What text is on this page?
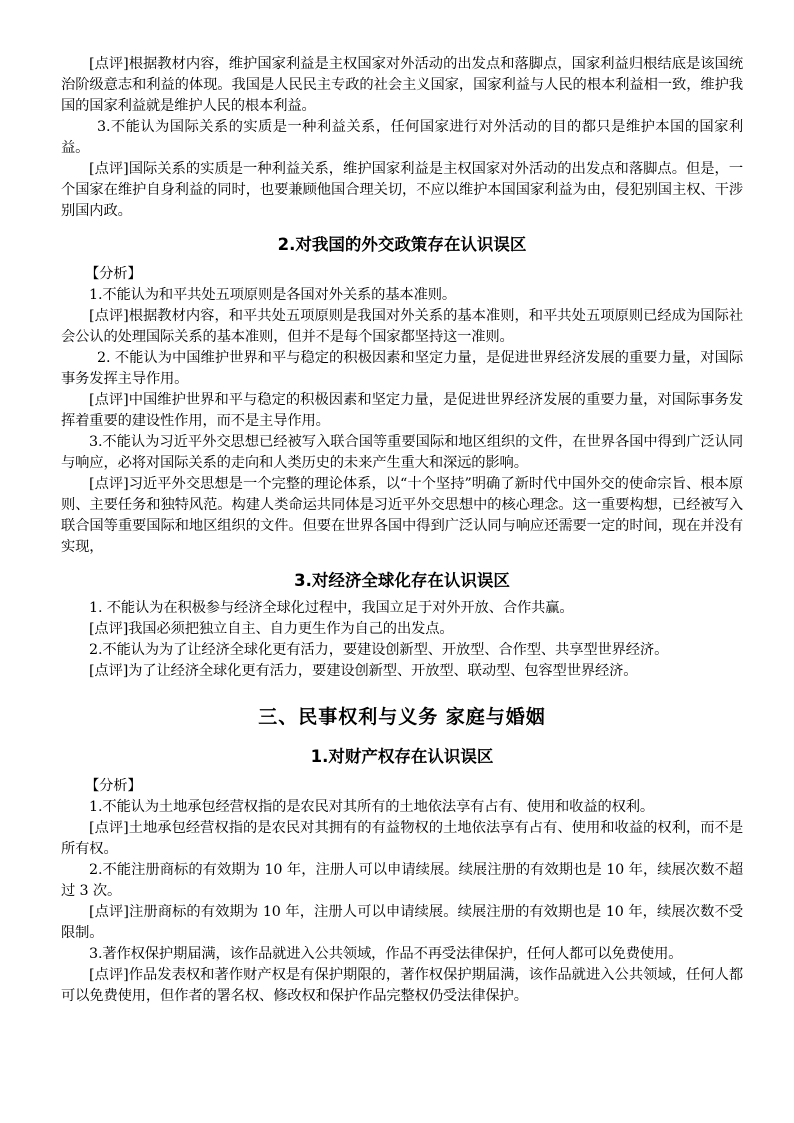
[点评]根据教材内容，维护国家利益是主权国家对外活动的出发点和落脚点，国家利益归根结底是该国统治阶级意志和利益的体现。我国是人民民主专政的社会主义国家，国家利益与人民的根本利益相一致，维护我国的国家利益就是维护人民的根本利益。

3.不能认为国际关系的实质是一种利益关系，任何国家进行对外活动的目的都只是维护本国的国家利益。

[点评]国际关系的实质是一种利益关系，维护国家利益是主权国家对外活动的出发点和落脚点。但是，一个国家在维护自身利益的同时，也要兼顾他国合理关切，不应以维护本国国家利益为由，侵犯别国主权、干涉别国内政。

2.对我国的外交政策存在认识误区

【分析】

1.不能认为和平共处五项原则是各国对外关系的基本准则。

[点评]根据教材内容，和平共处五项原则是我国对外关系的基本准则，和平共处五项原则已经成为国际社会公认的处理国际关系的基本准则，但并不是每个国家都坚持这一准则。

2. 不能认为中国维护世界和平与稳定的积极因素和坚定力量，是促进世界经济发展的重要力量，对国际事务发挥主导作用。

[点评]中国维护世界和平与稳定的积极因素和坚定力量，是促进世界经济发展的重要力量，对国际事务发挥着重要的建设性作用，而不是主导作用。

3.不能认为习近平外交思想已经被写入联合国等重要国际和地区组织的文件，在世界各国中得到广泛认同与响应，必将对国际关系的走向和人类历史的未来产生重大和深远的影响。

[点评]习近平外交思想是一个完整的理论体系，以“十个坚持”明确了新时代中国外交的使命宗旨、根本原则、主要任务和独特风范。构建人类命运共同体是习近平外交思想中的核心理念。这一重要构想，已经被写入联合国等重要国际和地区组织的文件。但要在世界各国中得到广泛认同与响应还需要一定的时间，现在并没有实现，

3.对经济全球化存在认识误区

1. 不能认为在积极参与经济全球化过程中，我国立足于对外开放、合作共赢。

[点评]我国必须把独立自主、自力更生作为自己的出发点。

2.不能认为为了让经济全球化更有活力，要建设创新型、开放型、合作型、共享型世界经济。

[点评]为了让经济全球化更有活力，要建设创新型、开放型、联动型、包容型世界经济。

三、民事权利与义务 家庭与婚姻
1.对财产权存在认识误区

【分析】

1.不能认为土地承包经营权指的是农民对其所有的土地依法享有占有、使用和收益的权利。

[点评]土地承包经营权指的是农民对其拥有的有益物权的土地依法享有占有、使用和收益的权利，而不是所有权。

2.不能注册商标的有效期为 10 年，注册人可以申请续展。续展注册的有效期也是 10 年，续展次数不超过 3 次。

[点评]注册商标的有效期为 10 年，注册人可以申请续展。续展注册的有效期也是 10 年，续展次数不受限制。

3.著作权保护期届满，该作品就进入公共领域，作品不再受法律保护，任何人都可以免费使用。

[点评]作品发表权和著作财产权是有保护期限的，著作权保护期届满，该作品就进入公共领域，任何人都可以免费使用，但作者的署名权、修改权和保护作品完整权仍受法律保护。
